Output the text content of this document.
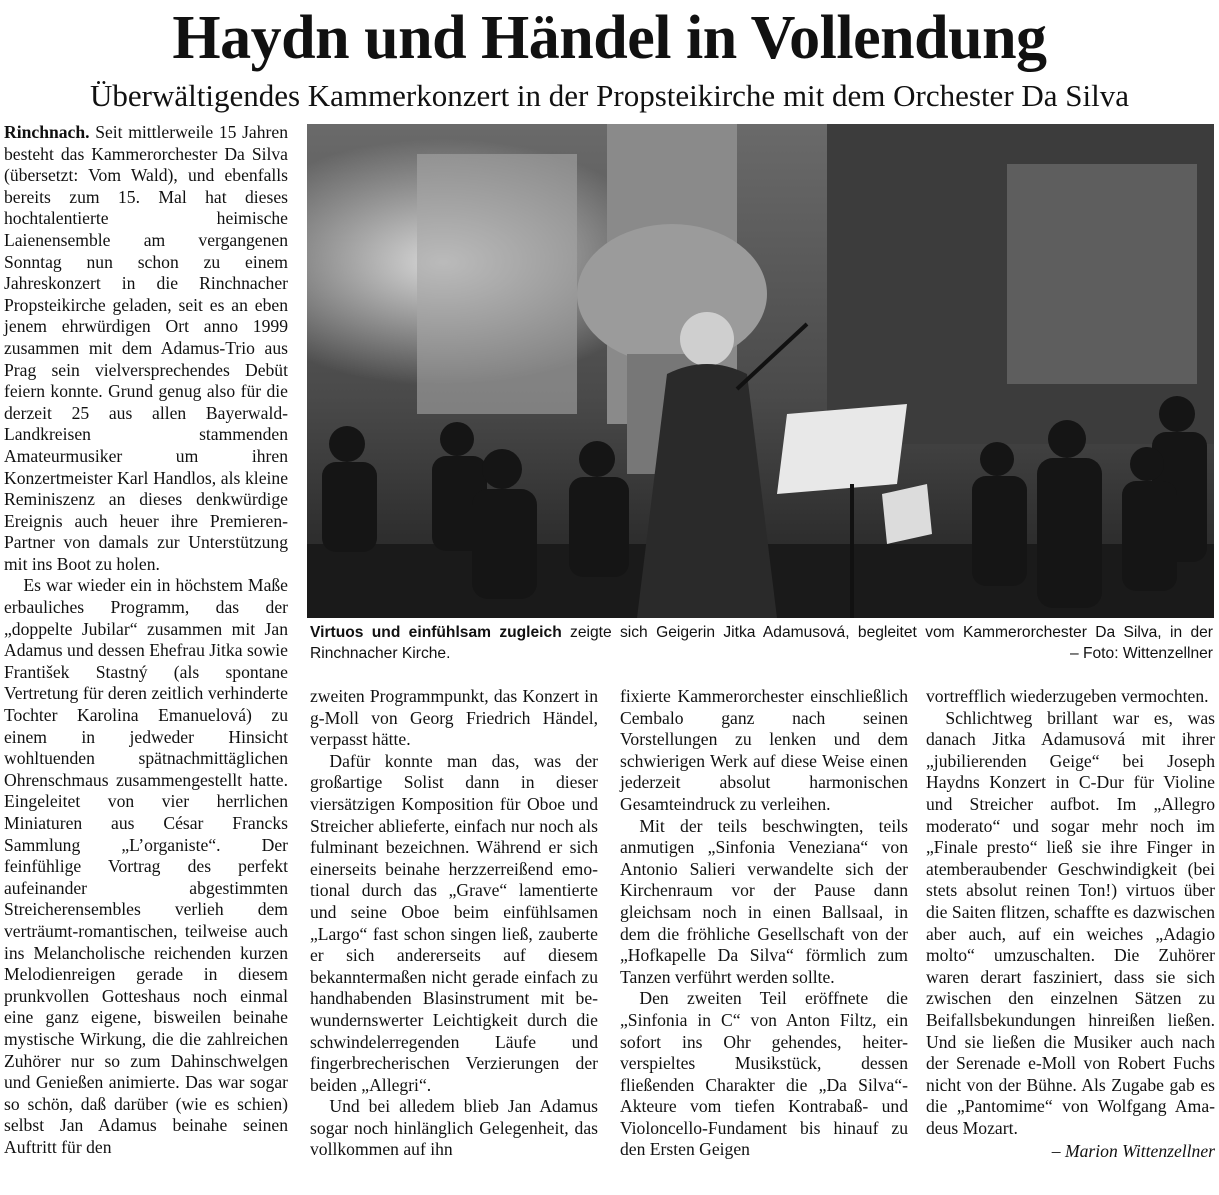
Haydn und Händel in Vollendung
Überwältigendes Kammerkonzert in der Propsteikirche mit dem Orchester Da Silva

Rinchnach. Seit mittlerweile 15 Jahren besteht das Kammerorchester Da Silva (übersetzt: Vom Wald), und ebenfalls bereits zum 15. Mal hat dieses hochtalentierte heimische Laienensemble am vergangenen Sonntag nun schon zu einem Jahreskonzert in die Rinchnacher Propsteikirche geladen, seit es an eben jenem ehrwürdigen Ort anno 1999 zusammen mit dem Adamus-Trio aus Prag sein vielversprechendes Debüt feiern konnte. Grund genug also für die derzeit 25 aus allen Bayerwald-Landkreisen stammenden Amateurmusiker um ihren Konzertmeister Karl Handlos, als kleine Reminiszenz an dieses denkwürdige Ereignis auch heuer ihre Premieren-Partner von damals zur Unterstützung mit ins Boot zu holen.

Es war wieder ein in höchstem Maße erbauliches Programm, das der „doppelte Jubilar“ zusammen mit Jan Adamus und dessen Ehefrau Jitka sowie František Stastný (als spontane Vertretung für deren zeitlich verhinderte Tochter Karolina Emanuelová) zu einem in jedweder Hinsicht wohltuenden spätnachmittäglichen Ohrenschmaus zusammengestellt hatte. Eingeleitet von vier herrlichen Miniaturen aus César Francks Sammlung „L’organiste“. Der feinfühlige Vortrag des perfekt aufeinander abgestimmten Streicherensembles verlieh dem verträumt-romantischen, teilweise auch ins Melancholische reichenden kurzen Melodienreigen gerade in diesem prunkvollen Gotteshaus noch einmal eine ganz eigene, bisweilen beinahe mystische Wirkung, die die zahlreichen Zuhörer nur so zum Dahinschwelgen und Genießen animierte. Das war sogar so schön, daß darüber (wie es schien) selbst Jan Adamus beinahe seinen Auftritt für den

Virtuos und einfühlsam zugleich zeigte sich Geigerin Jitka Adamusová, begleitet vom Kammerorchester Da Silva, in der Rinchnacher Kirche.	– Foto: Wittenzellner

zweiten Programmpunkt, das Konzert in g-Moll von Georg Friedrich Händel, verpasst hätte.

Dafür konnte man das, was der großartige Solist dann in dieser viersätzigen Komposition für Oboe und Streicher ablieferte, einfach nur noch als fulminant bezeichnen. Während er sich einerseits beinahe herzzerreißend emotional durch das „Grave“ lamentierte und seine Oboe beim einfühlsamen „Largo“ fast schon singen ließ, zauberte er sich andererseits auf diesem bekanntermaßen nicht gerade einfach zu handhabenden Blasinstrument mit bewundernswerter Leichtigkeit durch die schwindelerregenden Läufe und fingerbrecherischen Verzierungen der beiden „Allegri“.

Und bei alledem blieb Jan Adamus sogar noch hinlänglich Gelegenheit, das vollkommen auf ihn

fixierte Kammerorchester einschließlich Cembalo ganz nach seinen Vorstellungen zu lenken und dem schwierigen Werk auf diese Weise einen jederzeit absolut harmonischen Gesamteindruck zu verleihen.

Mit der teils beschwingten, teils anmutigen „Sinfonia Veneziana“ von Antonio Salieri verwandelte sich der Kirchenraum vor der Pause dann gleichsam noch in einen Ballsaal, in dem die fröhliche Gesellschaft von der „Hofkapelle Da Silva“ förmlich zum Tanzen verführt werden sollte.

Den zweiten Teil eröffnete die „Sinfonia in C“ von Anton Filtz, ein sofort ins Ohr gehendes, heiter-verspieltes Musikstück, dessen fließenden Charakter die „Da Silva“-Akteure vom tiefen Kontrabaß- und Violoncello-Fundament bis hinauf zu den Ersten Geigen

vortrefflich wiederzugeben vermochten.

Schlichtweg brillant war es, was danach Jitka Adamusová mit ihrer „jubilierenden Geige“ bei Joseph Haydns Konzert in C-Dur für Violine und Streicher aufbot. Im „Allegro moderato“ und sogar mehr noch im „Finale presto“ ließ sie ihre Finger in atemberaubender Geschwindigkeit (bei stets absolut reinen Ton!) virtuos über die Saiten flitzen, schaffte es dazwischen aber auch, auf ein weiches „Adagio molto“ umzuschalten. Die Zuhörer waren derart fasziniert, dass sie sich zwischen den einzelnen Sätzen zu Beifallsbekundungen hinreißen ließen. Und sie ließen die Musiker auch nach der Serenade e-Moll von Robert Fuchs nicht von der Bühne. Als Zugabe gab es die „Pantomime“ von Wolfgang Amadeus Mozart.

– Marion Wittenzellner
